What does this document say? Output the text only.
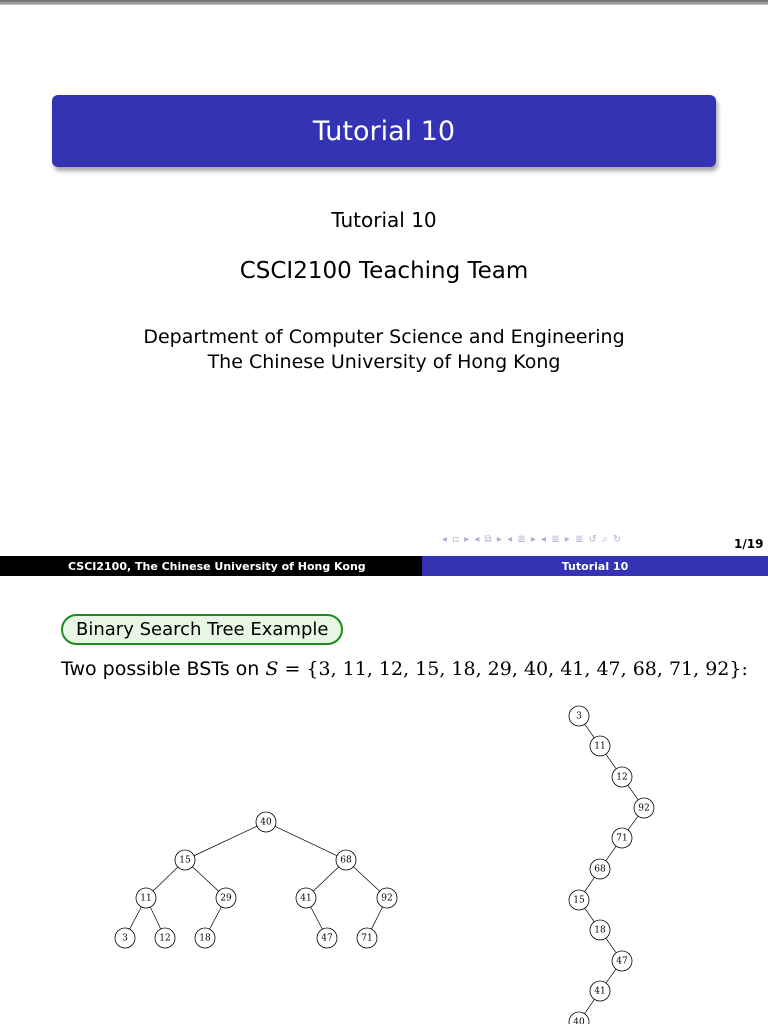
Tutorial 10
Tutorial 10
CSCI2100 Teaching Team
Department of Computer Science and Engineering
The Chinese University of Hong Kong
◂ ▫ ▸ ◂ ⧉ ▸ ◂ ≣ ▸ ◂ ≣ ▸ ≣ ↺ ⌕ ↻	1/19
CSCI2100, The Chinese University of Hong Kong	Tutorial 10
Binary Search Tree Example
Two possible BSTs on S = {3, 11, 12, 15, 18, 29, 40, 41, 47, 68, 71, 92}:
40
15	68
11	29	41	92
3	12	18	47	71
3
11
12
92
71
68
15
18
47
41
40
